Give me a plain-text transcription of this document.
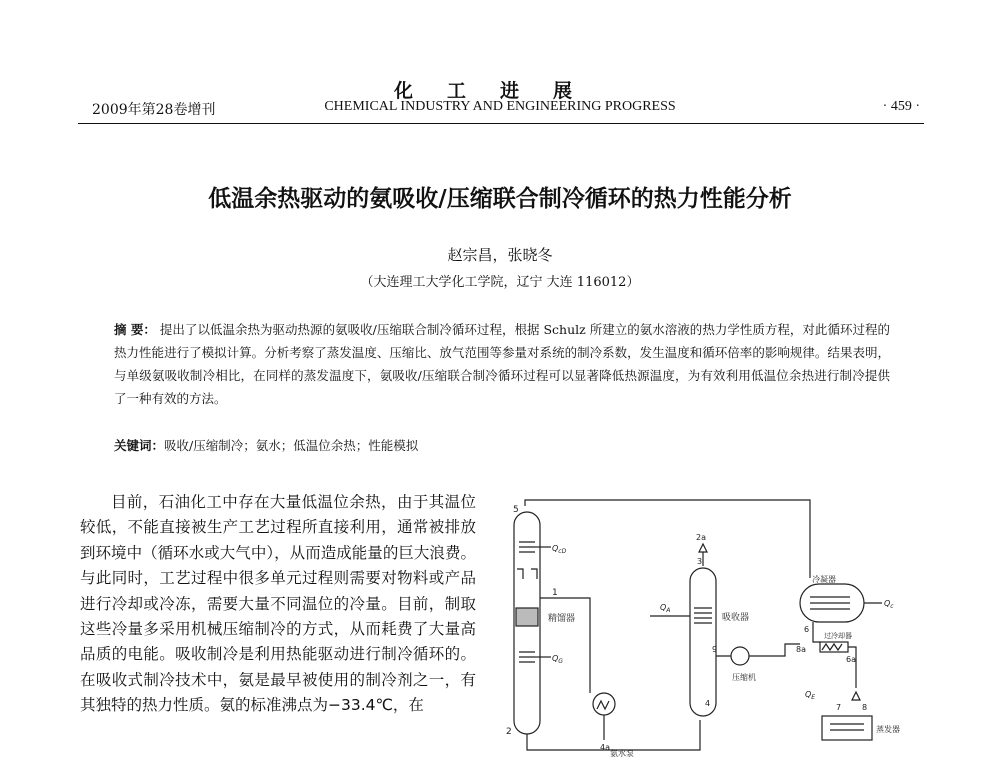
化工进展
2009年第28卷增刊	CHEMICAL INDUSTRY AND ENGINEERING PROGRESS	· 459 ·
低温余热驱动的氨吸收/压缩联合制冷循环的热力性能分析
赵宗昌，张晓冬
（大连理工大学化工学院，辽宁 大连 116012）
摘 要： 提出了以低温余热为驱动热源的氨吸收/压缩联合制冷循环过程，根据 Schulz 所建立的氨水溶液的热力学性质方程，对此循环过程的热力性能进行了模拟计算。分析考察了蒸发温度、压缩比、放气范围等参量对系统的制冷系数，发生温度和循环倍率的影响规律。结果表明，与单级氨吸收制冷相比，在同样的蒸发温度下，氨吸收/压缩联合制冷循环过程可以显著降低热源温度，为有效利用低温位余热进行制冷提供了一种有效的方法。
关键词：吸收/压缩制冷；氨水；低温位余热；性能模拟

目前，石油化工中存在大量低温位余热，由于其温位较低，不能直接被生产工艺过程所直接利用，通常被排放到环境中（循环水或大气中），从而造成能量的巨大浪费。与此同时，工艺过程中很多单元过程则需要对物料或产品进行冷却或冷冻，需要大量不同温位的冷量。目前，制取这些冷量多采用机械压缩制冷的方式，从而耗费了大量高品质的电能。吸收制冷是利用热能驱动进行制冷循环的。在吸收式制冷技术中，氨是最早被使用的制冷剂之一，有其独特的热力性质。氨的标准沸点为−33.4℃，在

5
$Q_{cD}$
1
精馏器
$Q_G$
2
4a
氨水泵
2a
3
$Q_A$
吸收器
4
9
压缩机
冷凝器
$Q_c$
6
8a
过冷却器
6a
7	8
$Q_E$
蒸发器
